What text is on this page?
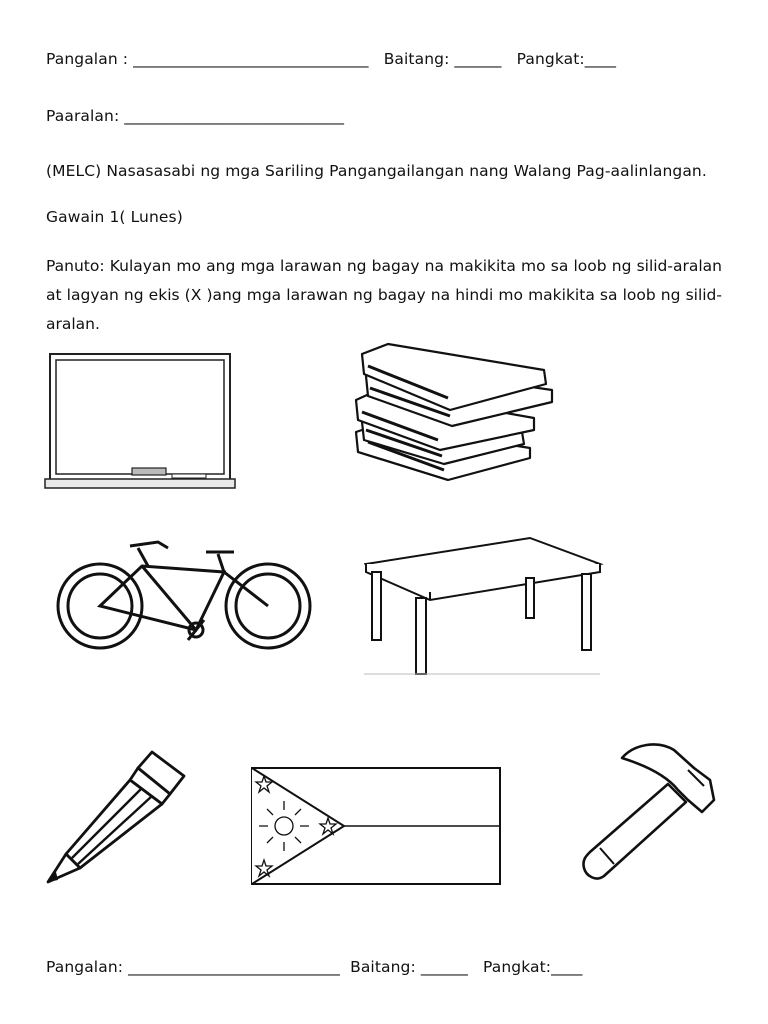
Pangalan : ______________________________   Baitang: ______   Pangkat:____
Paaralan: ____________________________
(MELC) Nasasasabi ng mga Sariling Pangangailangan nang Walang Pag-aalinlangan.
Gawain 1( Lunes)
Panuto: Kulayan mo ang mga larawan ng bagay na makikita mo sa loob ng silid-aralan at lagyan ng ekis (X )ang mga larawan ng bagay na hindi mo makikita sa loob ng silid-aralan.
Pangalan: ___________________________  Baitang: ______   Pangkat:____
